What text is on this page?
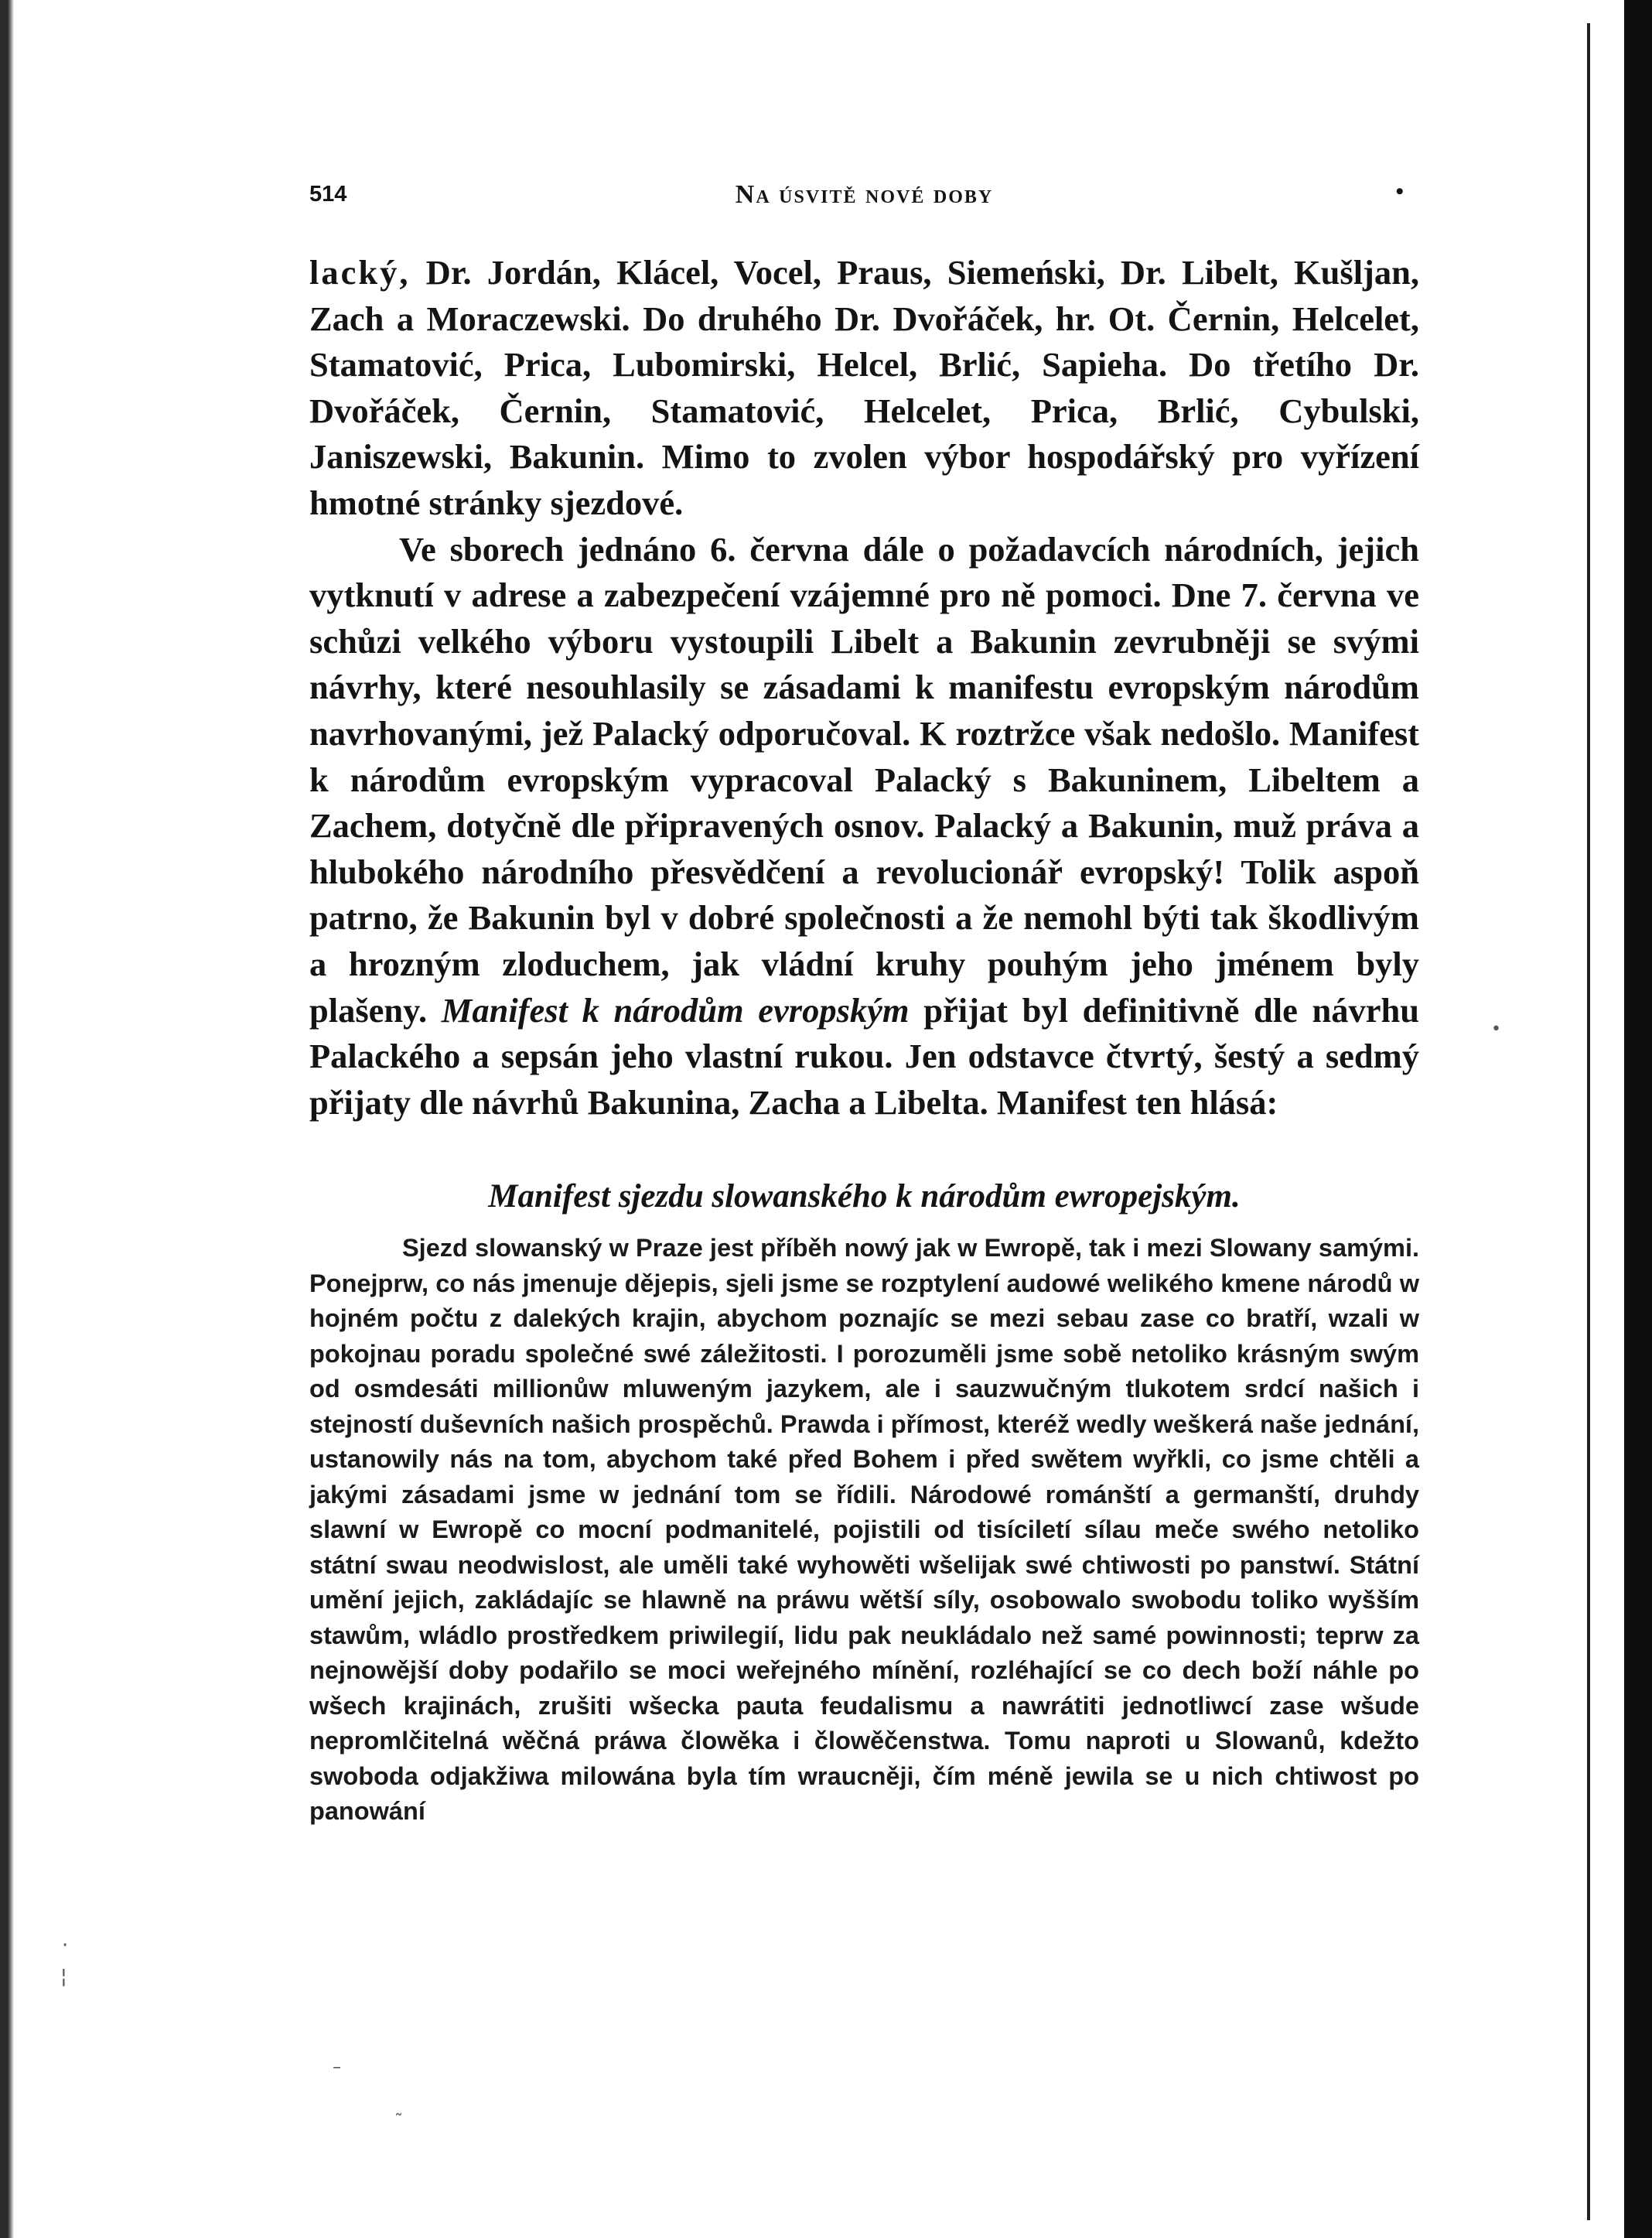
514	Na úsvitě nové doby	•

lacký, Dr. Jordán, Klácel, Vocel, Praus, Siemeński, Dr. Libelt, Kušljan, Zach a Moraczewski. Do druhého Dr. Dvořáček, hr. Ot. Černin, Helcelet, Stamatović, Prica, Lubomirski, Helcel, Brlić, Sapieha. Do třetího Dr. Dvořáček, Černin, Stamatović, Helcelet, Prica, Brlić, Cybulski, Janiszewski, Bakunin. Mimo to zvolen výbor hospodářský pro vyřízení hmotné stránky sjezdové.

Ve sborech jednáno 6. června dále o požadavcích národních, jejich vytknutí v adrese a zabezpečení vzájemné pro ně pomoci. Dne 7. června ve schůzi velkého výboru vystoupili Libelt a Bakunin zevrubněji se svými návrhy, které nesouhlasily se zásadami k manifestu evropským národům navrhovanými, jež Palacký odporučoval. K roztržce však nedošlo. Manifest k národům evropským vypracoval Palacký s Bakuninem, Libeltem a Zachem, dotyčně dle připravených osnov. Palacký a Bakunin, muž práva a hlubokého národního přesvědčení a revolucionář evropský! Tolik aspoň patrno, že Bakunin byl v dobré společnosti a že nemohl býti tak škodlivým a hrozným zloduchem, jak vládní kruhy pouhým jeho jménem byly plašeny. Manifest k národům evropským přijat byl definitivně dle návrhu Palackého a sepsán jeho vlastní rukou. Jen odstavce čtvrtý, šestý a sedmý přijaty dle návrhů Bakunina, Zacha a Libelta. Manifest ten hlásá:

Manifest sjezdu slowanského k národům ewropejským.

Sjezd slowanský w Praze jest příběh nowý jak w Ewropě, tak i mezi Slowany samými. Ponejprw, co nás jmenuje dějepis, sjeli jsme se rozptylení audowé welikého kmene národů w hojném počtu z dalekých krajin, abychom poznajíc se mezi sebau zase co bratří, wzali w pokojnau poradu společné swé záležitosti. I porozuměli jsme sobě netoliko krásným swým od osmdesáti millionůw mluweným jazykem, ale i sauzwučným tlukotem srdcí našich i stejností duševních našich prospěchů. Prawda i přímost, kteréž wedly weškerá naše jednání, ustanowily nás na tom, abychom také před Bohem i před swětem wyřkli, co jsme chtěli a jakými zásadami jsme w jednání tom se řídili. Národowé románští a germanští, druhdy slawní w Ewropě co mocní podmanitelé, pojistili od tisíciletí sílau meče swého netoliko státní swau neodwislost, ale uměli také wyhowěti wšelijak swé chtiwosti po panstwí. Státní umění jejich, zakládajíc se hlawně na práwu wětší síly, osobowalo swobodu toliko wyšším stawům, wládlo prostředkem priwilegií, lidu pak neukládalo než samé powinnosti; teprw za nejnowější doby podařilo se moci weřejného mínění, rozléhající se co dech boží náhle po wšech krajinách, zrušiti wšecka pauta feudalismu a nawrátiti jednotliwcí zase wšude nepromlčitelná wěčná práwa člowěka i člowěčenstwa. Tomu naproti u Slowanů, kdežto swoboda odjakžiwa milowána byla tím wraucněji, čím méně jewila se u nich chtiwost po panowání

•
·
¦
–
˜
